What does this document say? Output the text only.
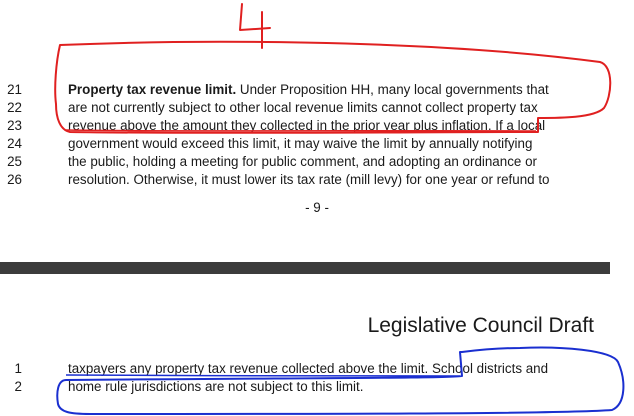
21	Property tax revenue limit. Under Proposition HH, many local governments that
22	are not currently subject to other local revenue limits cannot collect property tax
23	revenue above the amount they collected in the prior year plus inflation. If a local
24	government would exceed this limit, it may waive the limit by annually notifying
25	the public, holding a meeting for public comment, and adopting an ordinance or
26	resolution. Otherwise, it must lower its tax rate (mill levy) for one year or refund to
- 9 -
Legislative Council Draft
1	taxpayers any property tax revenue collected above the limit. School districts and
2	home rule jurisdictions are not subject to this limit.
